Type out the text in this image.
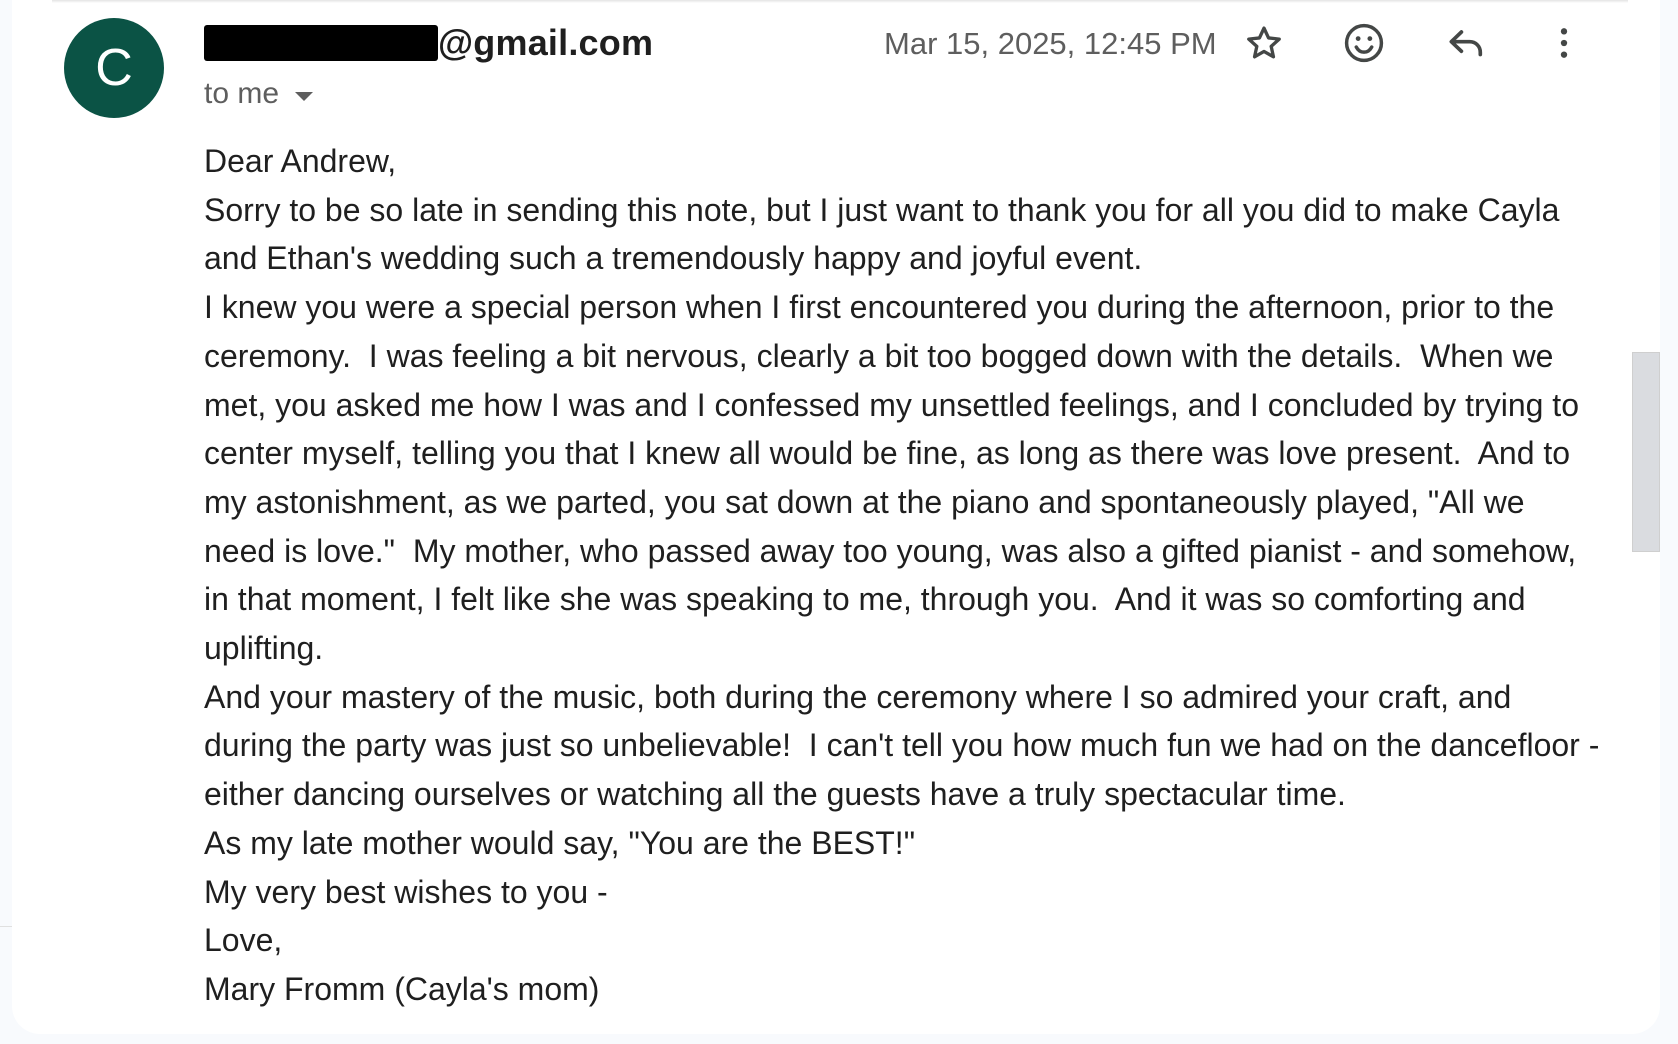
C	@gmail.com
to me
Mar 15, 2025, 12:45 PM

Dear Andrew,

Sorry to be so late in sending this note, but I just want to thank you for all you did to make Cayla and Ethan's wedding such a tremendously happy and joyful event.

I knew you were a special person when I first encountered you during the afternoon, prior to the ceremony.  I was feeling a bit nervous, clearly a bit too bogged down with the details.  When we met, you asked me how I was and I confessed my unsettled feelings, and I concluded by trying to center myself, telling you that I knew all would be fine, as long as there was love present.  And to my astonishment, as we parted, you sat down at the piano and spontaneously played, "All we need is love."  My mother, who passed away too young, was also a gifted pianist - and somehow, in that moment, I felt like she was speaking to me, through you.  And it was so comforting and uplifting.

And your mastery of the music, both during the ceremony where I so admired your craft, and during the party was just so unbelievable!  I can't tell you how much fun we had on the dancefloor - either dancing ourselves or watching all the guests have a truly spectacular time.

As my late mother would say, "You are the BEST!"

My very best wishes to you -

Love,

Mary Fromm (Cayla's mom)
